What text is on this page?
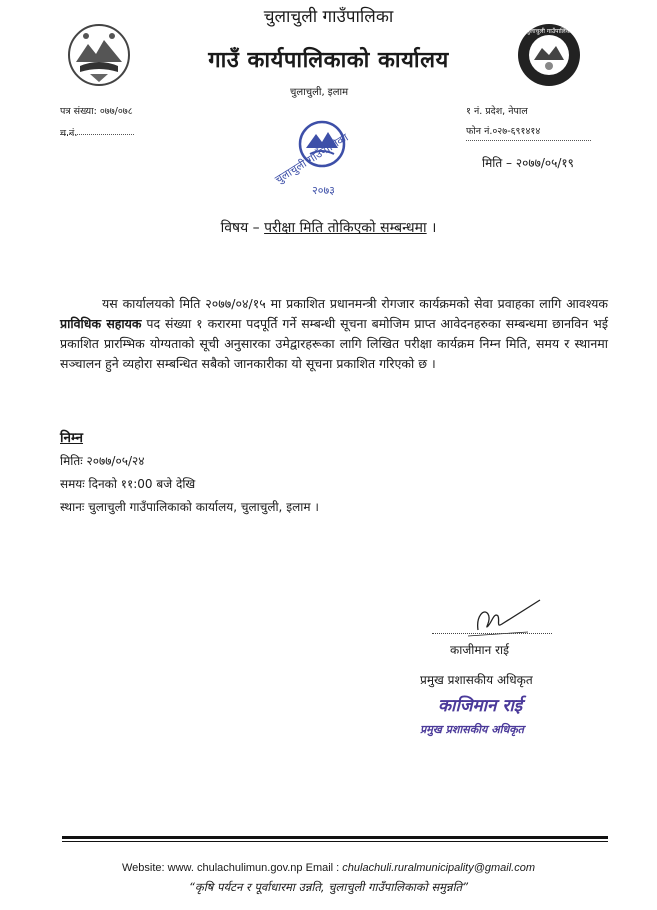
चुलाचुली गाउँपालिका
गाउँ कार्यपालिकाको कार्यालय
चुलाचुली, इलाम
चुलाचुली गाउँपालिका
पत्र संख्या: ०७७/०७८	१ नं. प्रदेश, नेपाल
च.नं.	फोन नं.०२७-६९१४१४
चुलाचुली गाउँपालिका
२०७३
मिति – २०७७/०५/१९
विषय – परीक्षा मिति तोकिएको सम्बन्धमा ।

यस कार्यालयको मिति २०७७/०४/१५ मा प्रकाशित प्रधानमन्त्री रोगजार कार्यक्रमको सेवा प्रवाहका लागि आवश्यक प्राविधिक सहायक पद संख्या १ करारमा पदपूर्ति गर्ने सम्बन्धी सूचना बमोजिम प्राप्त आवेदनहरुका सम्बन्धमा छानविन भई प्रकाशित प्रारम्भिक योग्यताको सूची अनुसारका उमेद्वारहरूका लागि लिखित परीक्षा कार्यक्रम निम्न मिति, समय र स्थानमा सञ्चालन हुने व्यहोरा सम्बन्धित सबैको जानकारीका यो सूचना प्रकाशित गरिएको छ ।

निम्न
मितिः २०७७/०५/२४
समयः दिनको ११:00 बजे देखि
स्थानः चुलाचुली गाउँपालिकाको कार्यालय, चुलाचुली, इलाम ।
काजीमान राई
प्रमुख प्रशासकीय अधिकृत
काजिमान राई
प्रमुख प्रशासकीय अधिकृत
Website: www. chulachulimun.gov.np Email : chulachuli.ruralmunicipality@gmail.com
“कृषि पर्यटन र पूर्वाधारमा उन्नति, चुलाचुली गाउँपालिकाको समुन्नति”
